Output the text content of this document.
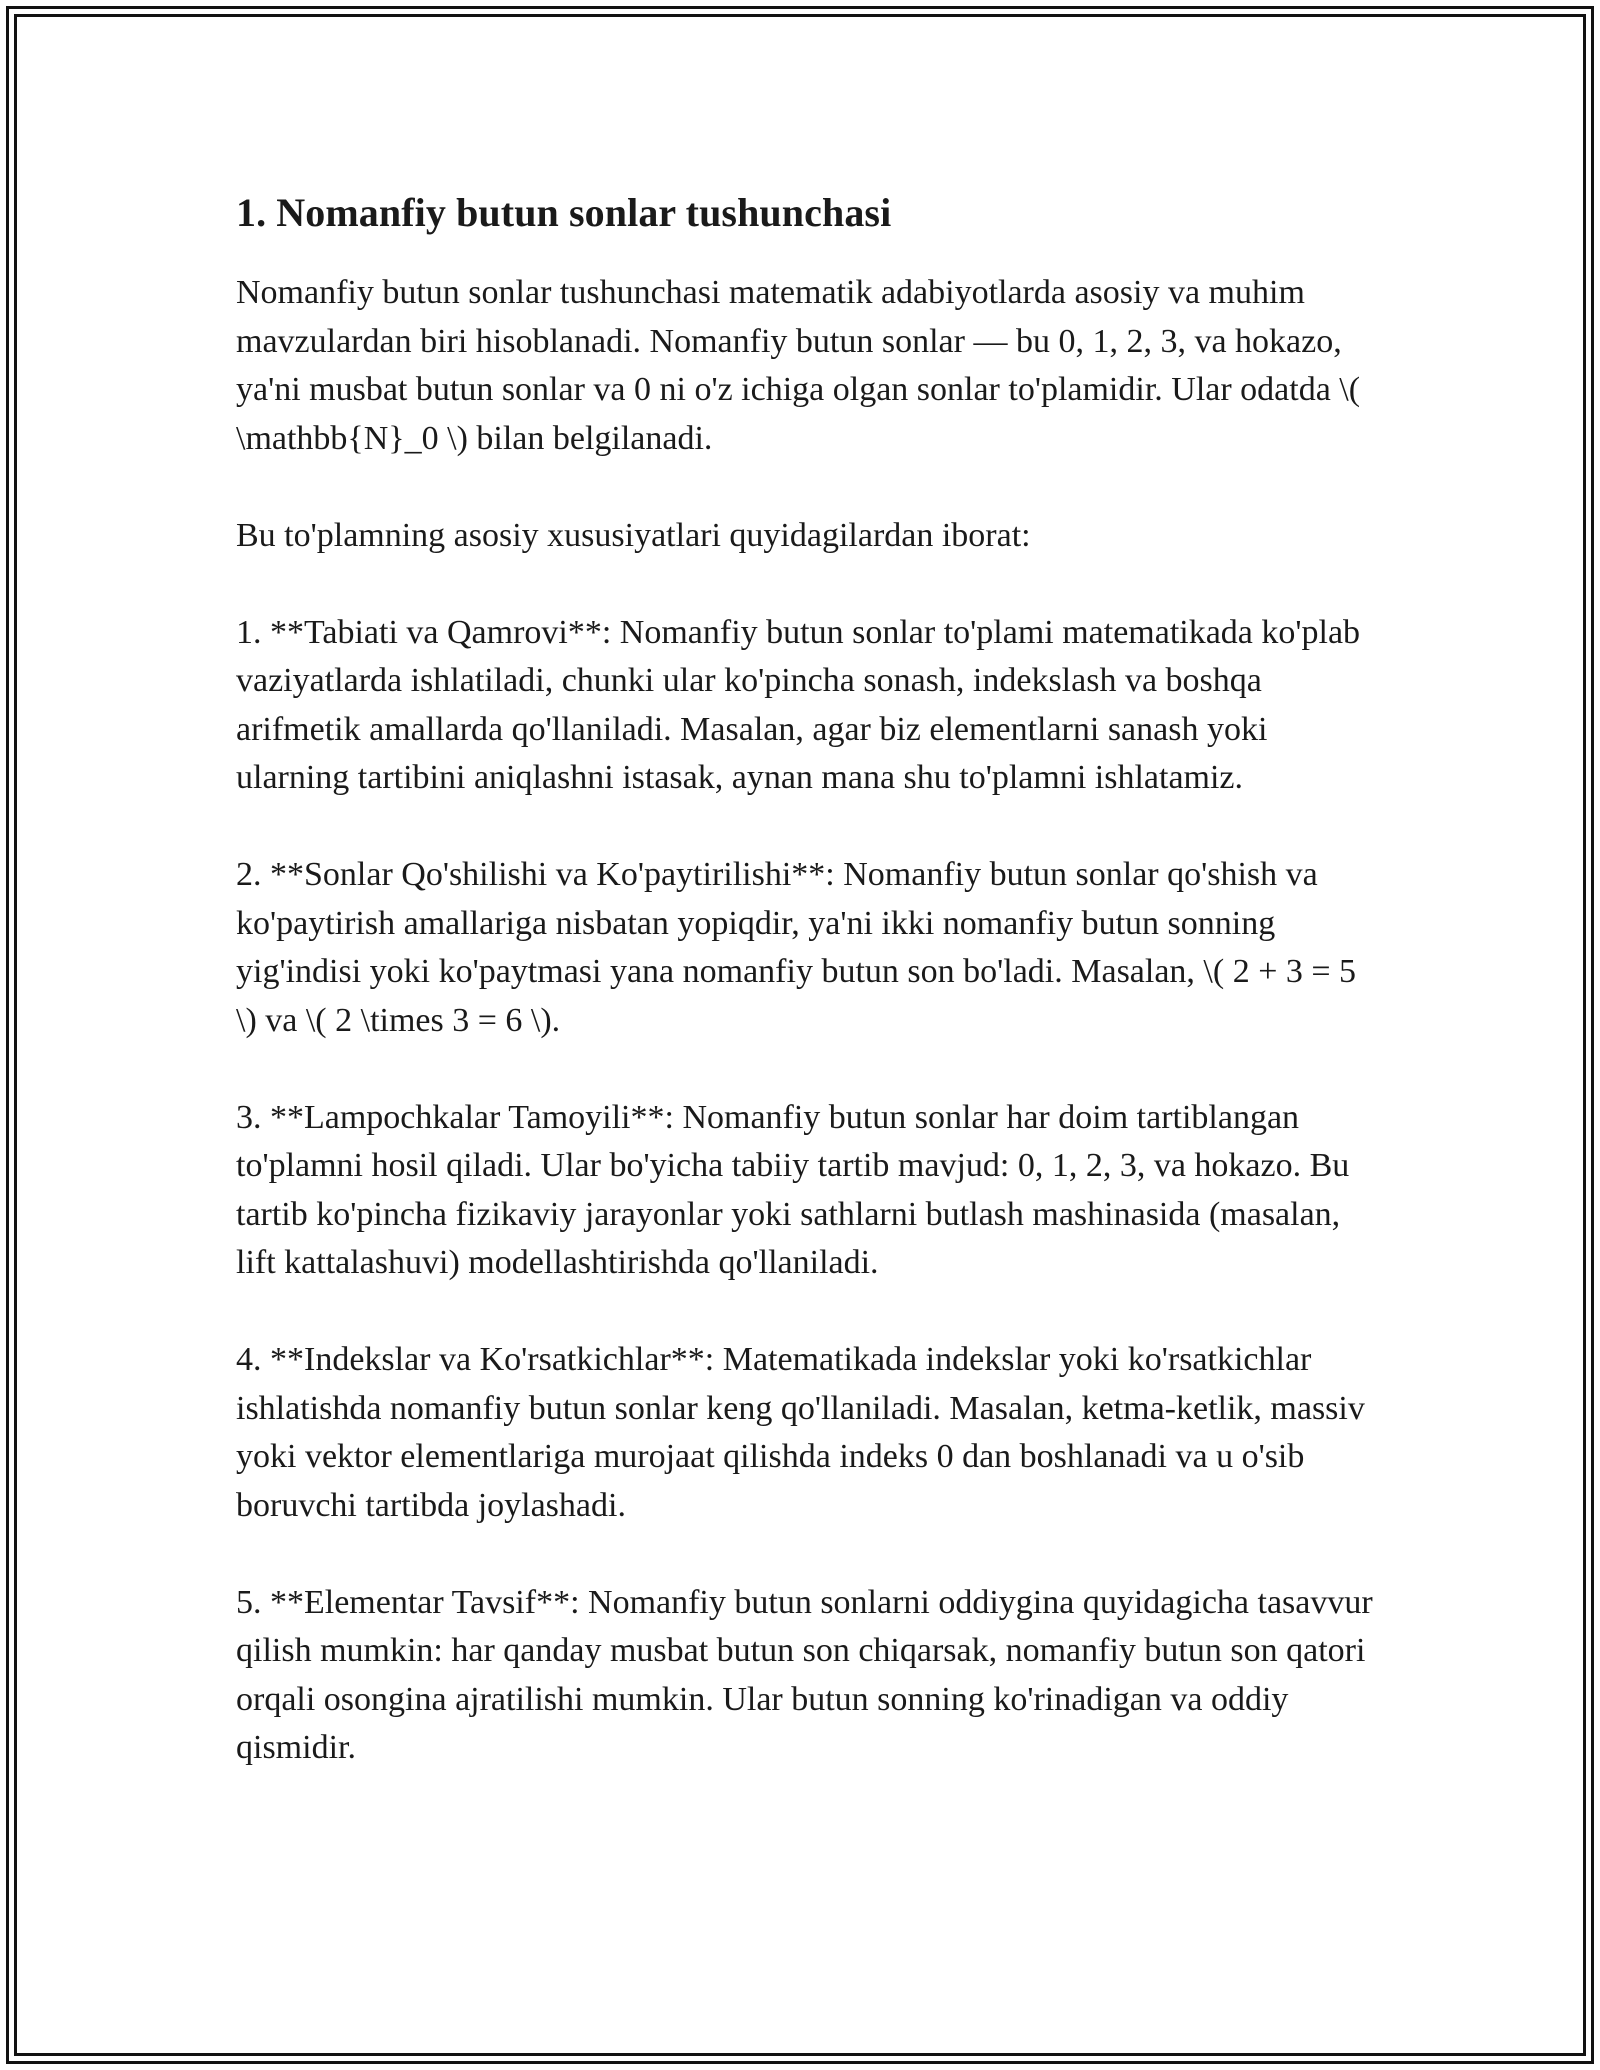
1. Nomanfiy butun sonlar tushunchasi

Nomanfiy butun sonlar tushunchasi matematik adabiyotlarda asosiy va muhim mavzulardan biri hisoblanadi. Nomanfiy butun sonlar — bu 0, 1, 2, 3, va hokazo, ya'ni musbat butun sonlar va 0 ni o'z ichiga olgan sonlar to'plamidir. Ular odatda \( \mathbb{N}_0 \) bilan belgilanadi.

Bu to'plamning asosiy xususiyatlari quyidagilardan iborat:

1. **Tabiati va Qamrovi**: Nomanfiy butun sonlar to'plami matematikada ko'plab vaziyatlarda ishlatiladi, chunki ular ko'pincha sonash, indekslash va boshqa arifmetik amallarda qo'llaniladi. Masalan, agar biz elementlarni sanash yoki ularning tartibini aniqlashni istasak, aynan mana shu to'plamni ishlatamiz.

2. **Sonlar Qo'shilishi va Ko'paytirilishi**: Nomanfiy butun sonlar qo'shish va ko'paytirish amallariga nisbatan yopiqdir, ya'ni ikki nomanfiy butun sonning yig'indisi yoki ko'paytmasi yana nomanfiy butun son bo'ladi. Masalan, \( 2 + 3 = 5 \) va \( 2 \times 3 = 6 \).

3. **Lampochkalar Tamoyili**: Nomanfiy butun sonlar har doim tartiblangan to'plamni hosil qiladi. Ular bo'yicha tabiiy tartib mavjud: 0, 1, 2, 3, va hokazo. Bu tartib ko'pincha fizikaviy jarayonlar yoki sathlarni butlash mashinasida (masalan, lift kattalashuvi) modellashtirishda qo'llaniladi.

4. **Indekslar va Ko'rsatkichlar**: Matematikada indekslar yoki ko'rsatkichlar ishlatishda nomanfiy butun sonlar keng qo'llaniladi. Masalan, ketma-ketlik, massiv yoki vektor elementlariga murojaat qilishda indeks 0 dan boshlanadi va u o'sib boruvchi tartibda joylashadi.

5. **Elementar Tavsif**: Nomanfiy butun sonlarni oddiygina quyidagicha tasavvur qilish mumkin: har qanday musbat butun son chiqarsak, nomanfiy butun son qatori orqali osongina ajratilishi mumkin. Ular butun sonning ko'rinadigan va oddiy qismidir.
